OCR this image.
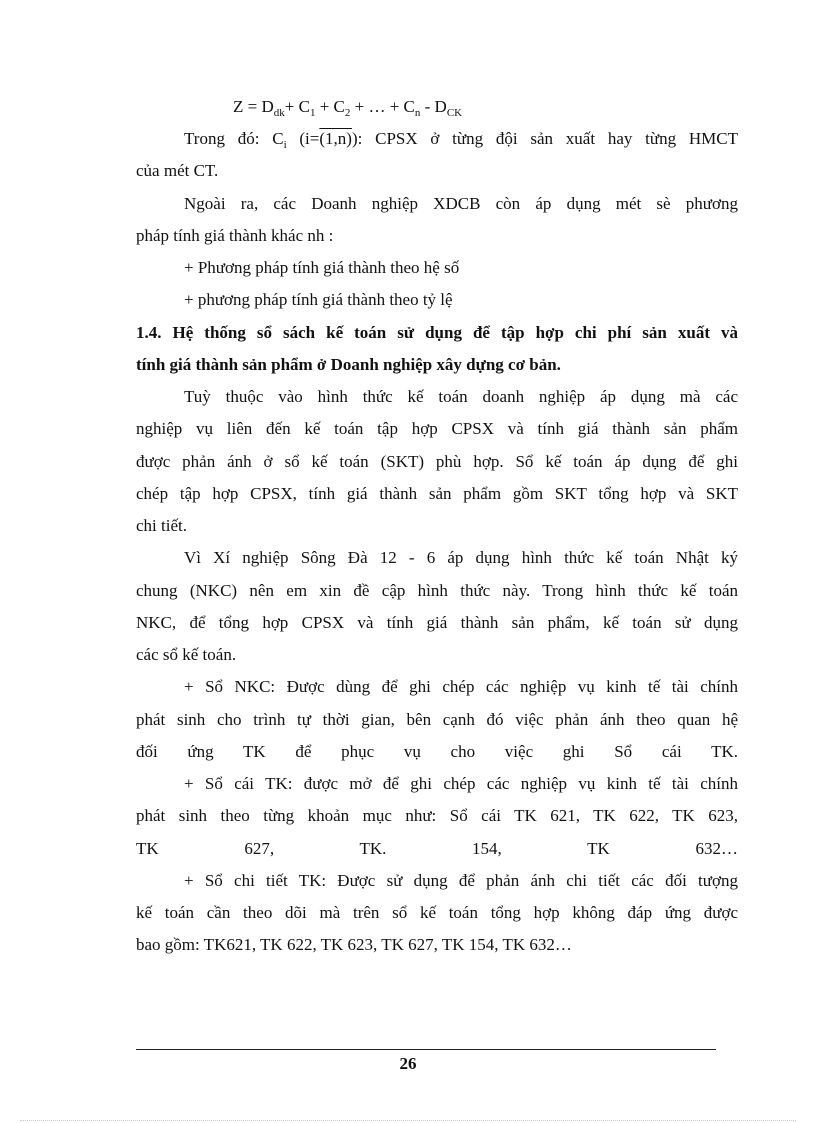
$Z = D_{dk}+ C_1 + C_2$ + … + $C_n - D_{CK}$
Trong đó: $C_i$ (i=(1,n)): CPSX ở từng đội sản xuất hay từng HMCT
của mét CT.
Ngoài ra, các Doanh nghiệp XDCB còn áp dụng mét sè phương
pháp tính giá thành khác nh :
+ Phương pháp tính giá thành theo hệ số
+ phương pháp tính giá thành theo tỷ lệ
1.4. Hệ thống sổ sách kế toán sử dụng để tập hợp chi phí sản xuất và
tính giá thành sản phẩm ở Doanh nghiệp xây dựng cơ bản.
Tuỳ thuộc vào hình thức kế toán doanh nghiệp áp dụng mà các
nghiệp vụ liên đến kế toán tập hợp CPSX và tính giá thành sản phẩm
được phản ánh ở sổ kế toán (SKT) phù hợp. Sổ kế toán áp dụng để ghi
chép tập hợp CPSX, tính giá thành sản phẩm gồm SKT tổng hợp và SKT
chi tiết.
Vì Xí nghiệp Sông Đà 12 - 6 áp dụng hình thức kế toán Nhật ký
chung (NKC) nên em xin đề cập hình thức này. Trong hình thức kế toán
NKC, để tổng hợp CPSX và tính giá thành sản phẩm, kế toán sử dụng
các sổ kế toán.
+ Sổ NKC: Được dùng để ghi chép các nghiệp vụ kinh tế tài chính
phát sinh cho trình tự thời gian, bên cạnh đó việc phản ánh theo quan hệ
đối ứng TK để phục vụ cho việc ghi Sổ cái TK.
+ Sổ cái TK: được mở để ghi chép các nghiệp vụ kinh tế tài chính
phát sinh theo từng khoản mục như: Sổ cái TK 621, TK 622, TK 623,
TK 627, TK. 154, TK 632…
+ Sổ chi tiết TK: Được sử dụng để phản ánh chi tiết các đối tượng
kế toán cần theo dõi mà trên sổ kế toán tổng hợp không đáp ứng được
bao gồm: TK621, TK 622, TK 623, TK 627, TK 154, TK 632…
26
